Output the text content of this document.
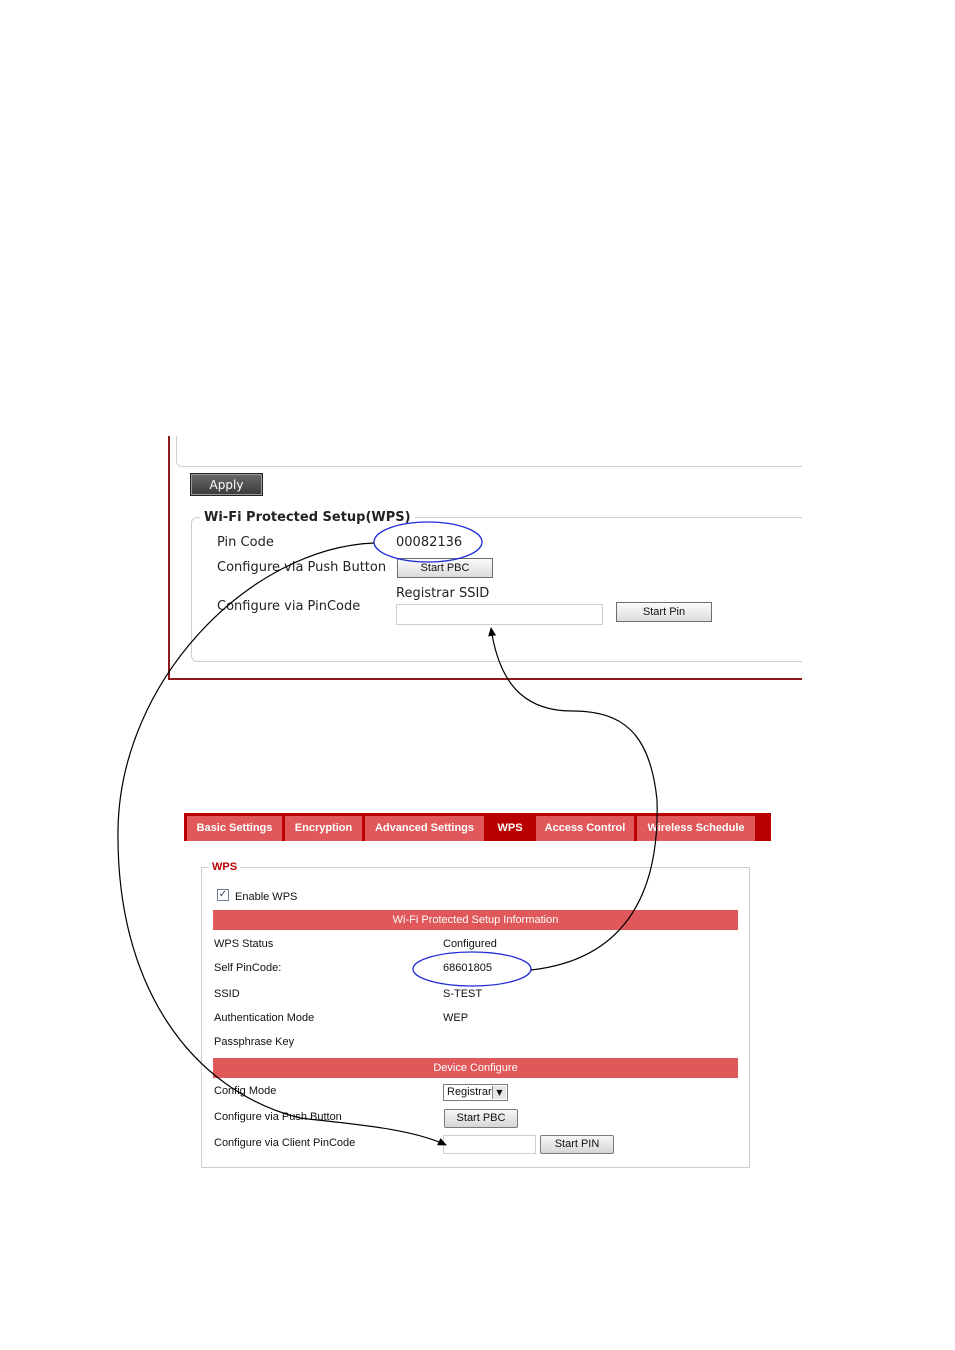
Apply
Wi-Fi Protected Setup(WPS)
Pin Code	00082136
Configure via Push Button	Start PBC
Registrar SSID
Configure via PinCode	Start Pin
Basic Settings	Encryption	Advanced Settings	WPS	Access Control	Wireless Schedule
WPS
✓ Enable WPS
Wi-Fi Protected Setup Information
WPS Status	Configured
Self PinCode:	68601805
SSID	S-TEST
Authentication Mode	WEP
Passphrase Key
Device Configure
Config Mode	Registrar ▼
Configure via Push Button	Start PBC
Configure via Client PinCode	Start PIN
